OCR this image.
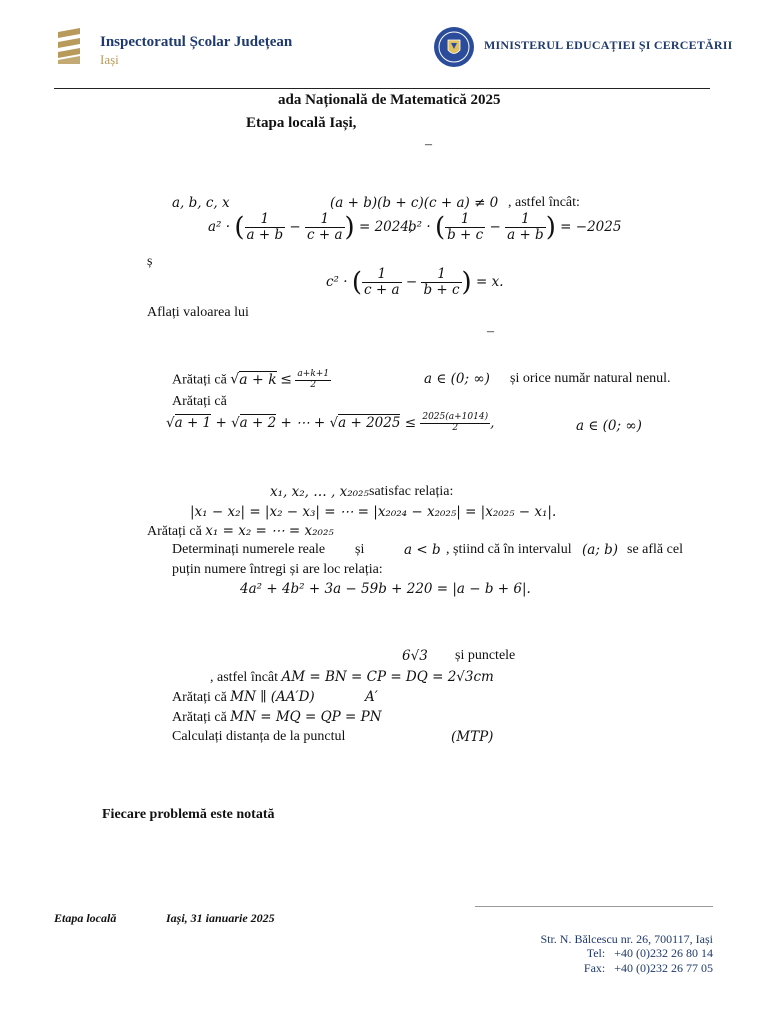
Inspectoratul Școlar Județean
Iași
MINISTERUL EDUCAȚIEI ȘI CERCETĂRII
ada Națională de Matematică 2025
Etapa locală Iași,
–
a, b, c, x	(a + b)(b + c)(c + a) ≠ 0 , astfel încât:
a² · ( $\frac{1}{a + b} - \frac{1}{c + a}$ ) = 2024,
b² · ( $\frac{1}{b + c} - \frac{1}{a + b}$ ) = −2025
ș
c² · ( $\frac{1}{c + a} - \frac{1}{b + c}$ ) = x.
Aflați valoarea lui
–
Arătați că $√a + k \le \frac{a+k+1}{2}$	a ∈ (0; ∞) și orice număr natural nenul.
Arătați că
√a + 1 + √a + 2 + ⋯ + $√a + 2025 \le \frac{2025(a+1014)}{2}$ ,	a ∈ (0; ∞)
x₁, x₂, … , x₂₀₂₅ satisfac relația:
|x₁ − x₂| = |x₂ − x₃| = ⋯ = |x₂₀₂₄ − x₂₀₂₅| = |x₂₀₂₅ − x₁|.
Arătați că x₁ = x₂ = ⋯ = x₂₀₂₅
Determinați numerele reale și	a < b , știind că în intervalul (a; b) se află cel
puțin numere întregi și are loc relația:
4a² + 4b² + 3a − 59b + 220 = |a − b + 6|.
6√3 și punctele
, astfel încât AM = BN = CP = DQ = 2√3cm
Arătați că MN ∥ (AA′D)	A′
Arătați că MN = MQ = QP = PN
Calculați distanța de la punctul	(MTP)
Fiecare problemă este notată
Etapa locală	Iași, 31 ianuarie 2025
Str. N. Bălcescu nr. 26, 700117, Iași
Tel: +40 (0)232 26 80 14
Fax: +40 (0)232 26 77 05
